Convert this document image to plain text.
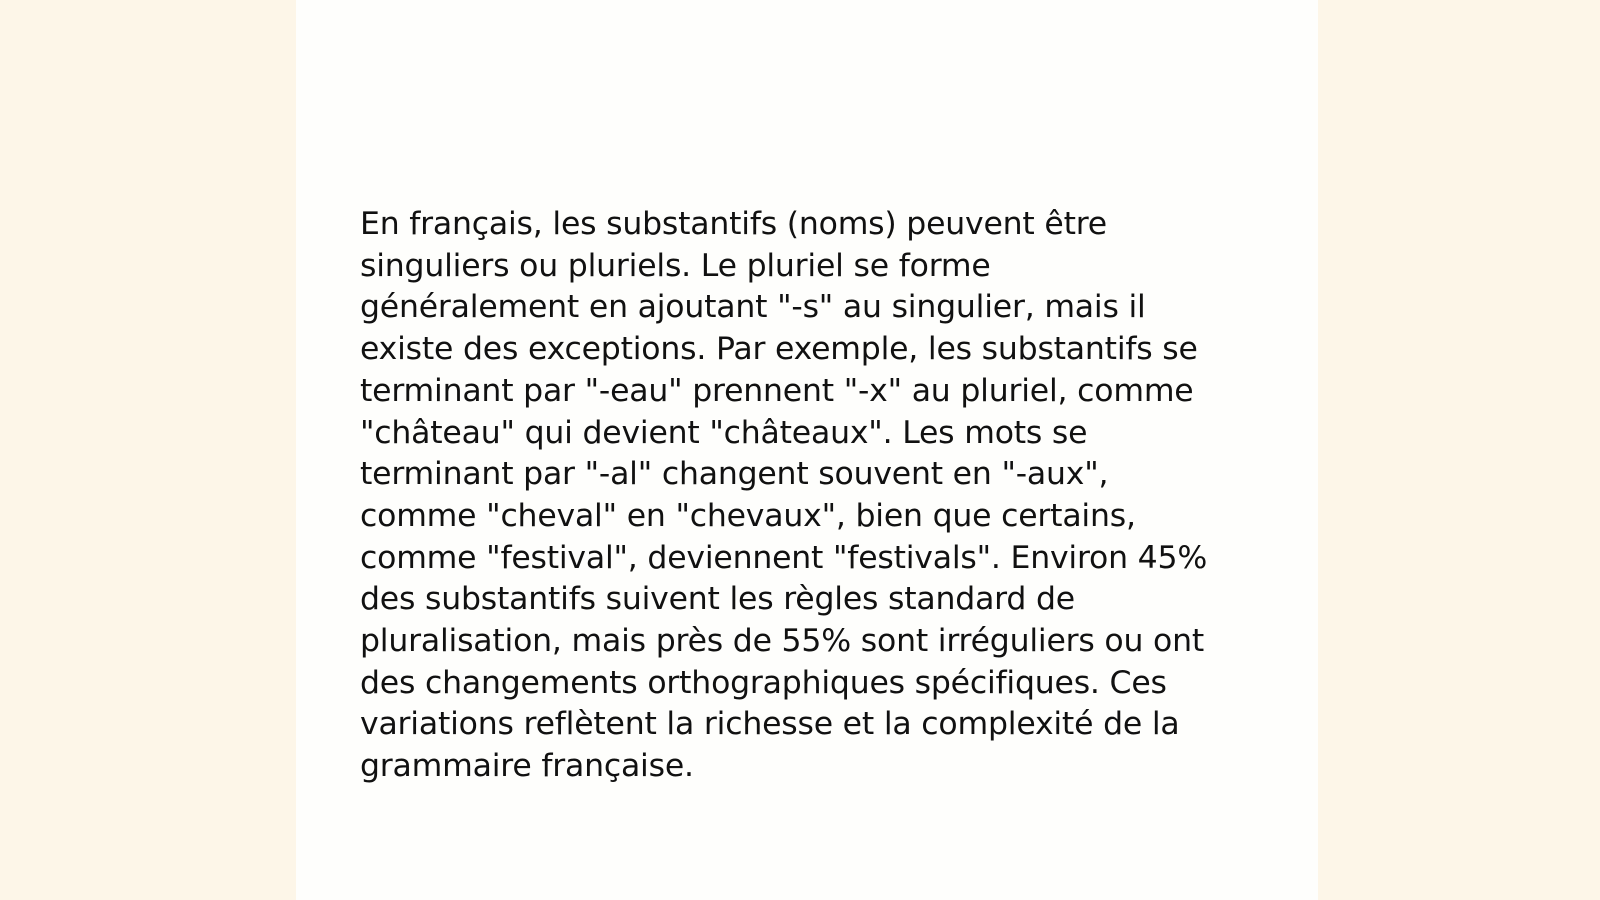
En français, les substantifs (noms) peuvent être
singuliers ou pluriels. Le pluriel se forme
généralement en ajoutant "-s" au singulier, mais il
existe des exceptions. Par exemple, les substantifs se
terminant par "-eau" prennent "-x" au pluriel, comme
"château" qui devient "châteaux". Les mots se
terminant par "-al" changent souvent en "-aux",
comme "cheval" en "chevaux", bien que certains,
comme "festival", deviennent "festivals". Environ 45%
des substantifs suivent les règles standard de
pluralisation, mais près de 55% sont irréguliers ou ont
des changements orthographiques spécifiques. Ces
variations reflètent la richesse et la complexité de la
grammaire française.
